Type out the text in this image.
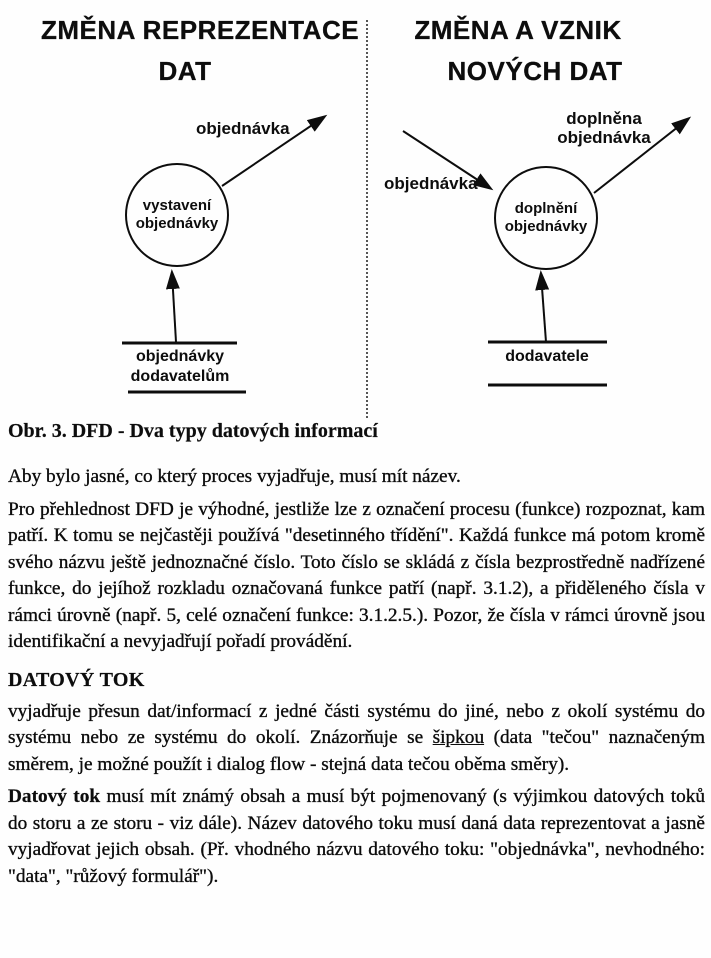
ZMĚNA REPREZENTACE
DAT
ZMĚNA A VZNIK
NOVÝCH DAT
vystavení
objednávky
doplnění
objednávky
objednávka
objednávka
doplněna
objednávka
objednávky
dodavatelům
dodavatele
Obr. 3. DFD - Dva typy datových informací

Aby bylo jasné, co který proces vyjadřuje, musí mít název.

Pro přehlednost DFD je výhodné, jestliže lze z označení procesu (funkce) rozpoznat, kam patří. K tomu se nejčastěji používá "desetinného třídění". Každá funkce má potom kromě svého názvu ještě jednoznačné číslo. Toto číslo se skládá z čísla bezprostředně nadřízené funkce, do jejíhož rozkladu označovaná funkce patří (např. 3.1.2), a přiděleného čísla v rámci úrovně (např. 5, celé označení funkce: 3.1.2.5.). Pozor, že čísla v rámci úrovně jsou identifikační a nevyjadřují pořadí provádění.

DATOVÝ TOK

vyjadřuje přesun dat/informací z jedné části systému do jiné, nebo z okolí systému do systému nebo ze systému do okolí. Znázorňuje se šipkou (data "tečou" naznačeným směrem, je možné použít i dialog flow - stejná data tečou oběma směry).

Datový tok musí mít známý obsah a musí být pojmenovaný (s výjimkou datových toků do storu a ze storu - viz dále). Název datového toku musí daná data reprezentovat a jasně vyjadřovat jejich obsah. (Př. vhodného názvu datového toku: "objednávka", nevhodného: "data", "růžový formulář").
